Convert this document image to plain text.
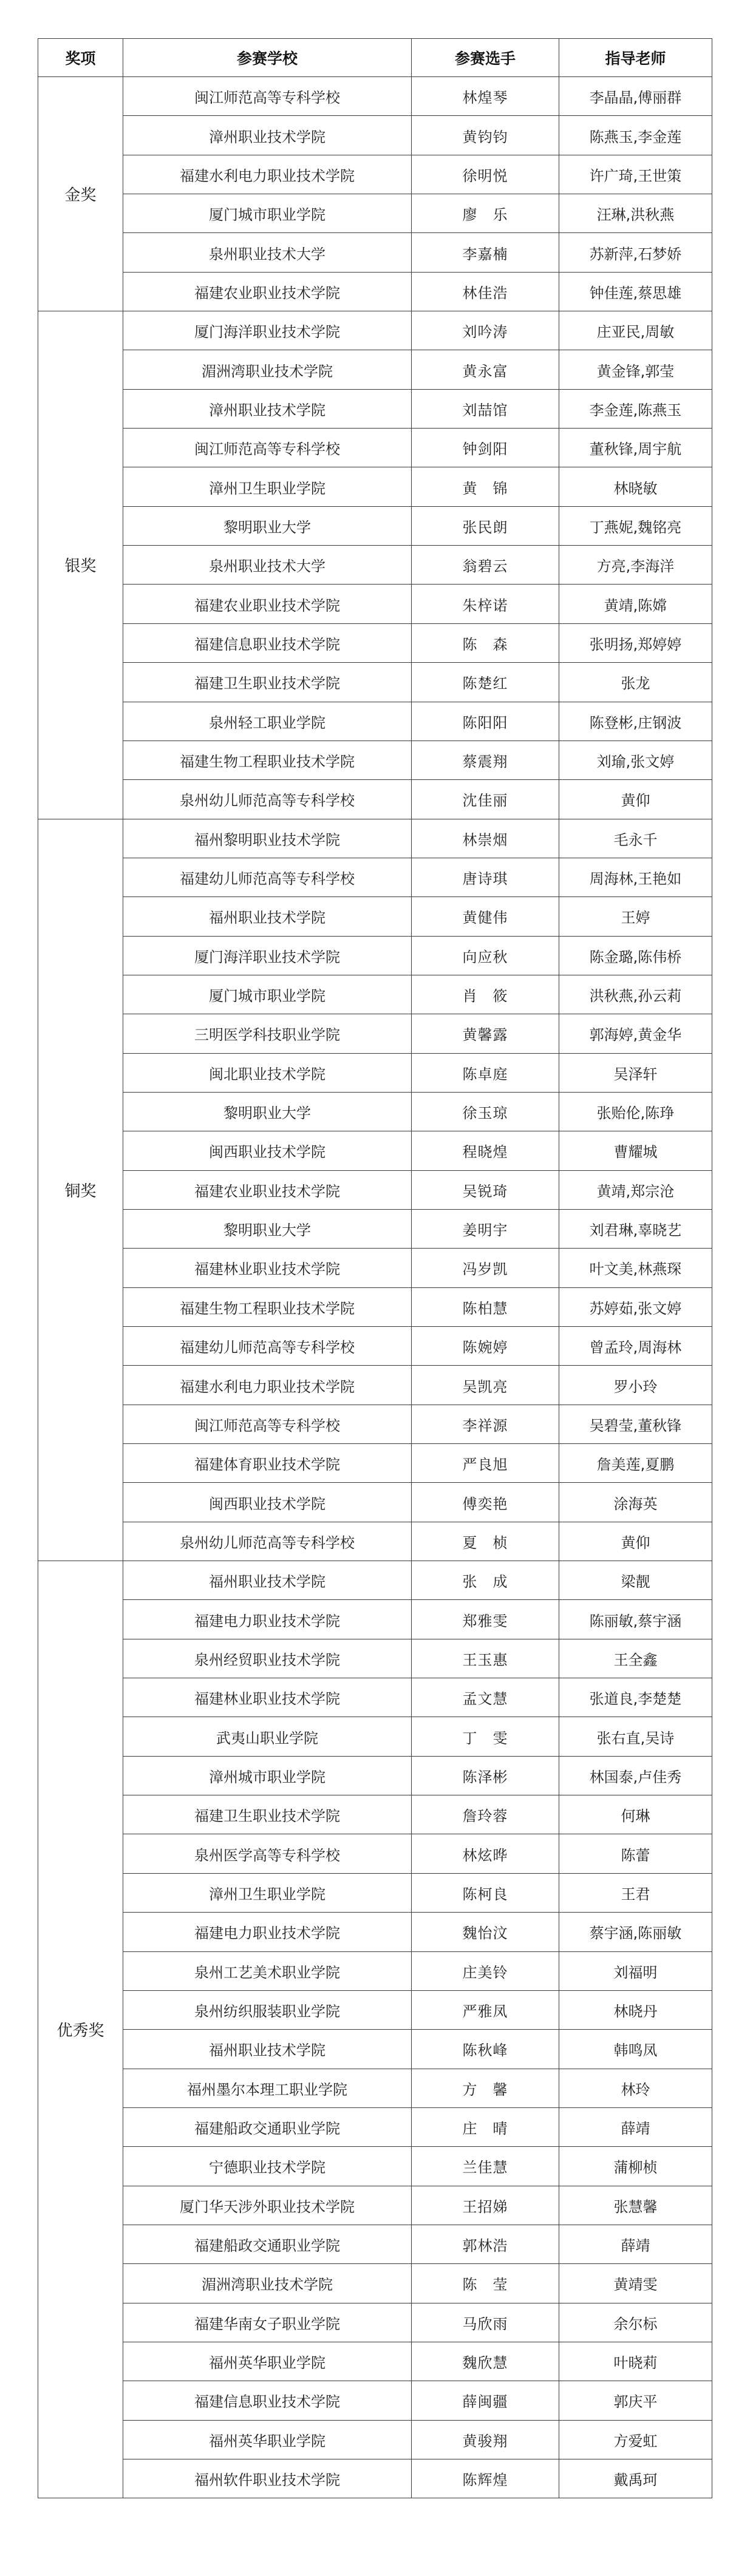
奖项	参赛学校	参赛选手	指导老师
金奖	闽江师范高等专科学校	林煌琴	李晶晶,傅丽群
	漳州职业技术学院	黄钧钧	陈燕玉,李金莲
	福建水利电力职业技术学院	徐明悦	许广琦,王世策
	厦门城市职业学院	廖　乐	汪琳,洪秋燕
	泉州职业技术大学	李嘉楠	苏新萍,石梦娇
	福建农业职业技术学院	林佳浩	钟佳莲,蔡思雄
银奖	厦门海洋职业技术学院	刘吟涛	庄亚民,周敏
	湄洲湾职业技术学院	黄永富	黄金锋,郭莹
	漳州职业技术学院	刘喆馆	李金莲,陈燕玉
	闽江师范高等专科学校	钟剑阳	董秋锋,周宇航
	漳州卫生职业学院	黄　锦	林晓敏
	黎明职业大学	张民朗	丁燕妮,魏铭亮
	泉州职业技术大学	翁碧云	方亮,李海洋
	福建农业职业技术学院	朱梓诺	黄靖,陈嫦
	福建信息职业技术学院	陈　森	张明扬,郑婷婷
	福建卫生职业技术学院	陈楚红	张龙
	泉州轻工职业学院	陈阳阳	陈登彬,庄钢波
	福建生物工程职业技术学院	蔡震翔	刘瑜,张文婷
	泉州幼儿师范高等专科学校	沈佳丽	黄仰
铜奖	福州黎明职业技术学院	林崇烟	毛永千
	福建幼儿师范高等专科学校	唐诗琪	周海林,王艳如
	福州职业技术学院	黄健伟	王婷
	厦门海洋职业技术学院	向应秋	陈金璐,陈伟桥
	厦门城市职业学院	肖　筱	洪秋燕,孙云莉
	三明医学科技职业学院	黄馨露	郭海婷,黄金华
	闽北职业技术学院	陈卓庭	吴泽轩
	黎明职业大学	徐玉琼	张贻伦,陈琤
	闽西职业技术学院	程晓煌	曹耀城
	福建农业职业技术学院	吴锐琦	黄靖,郑宗沧
	黎明职业大学	姜明宇	刘君琳,辜晓艺
	福建林业职业技术学院	冯岁凯	叶文美,林燕琛
	福建生物工程职业技术学院	陈柏慧	苏婷茹,张文婷
	福建幼儿师范高等专科学校	陈婉婷	曾孟玲,周海林
	福建水利电力职业技术学院	吴凯亮	罗小玲
	闽江师范高等专科学校	李祥源	吴碧莹,董秋锋
	福建体育职业技术学院	严良旭	詹美莲,夏鹏
	闽西职业技术学院	傅奕艳	涂海英
	泉州幼儿师范高等专科学校	夏　桢	黄仰
优秀奖	福州职业技术学院	张　成	梁靓
	福建电力职业技术学院	郑雅雯	陈丽敏,蔡宇涵
	泉州经贸职业技术学院	王玉惠	王全鑫
	福建林业职业技术学院	孟文慧	张道良,李楚楚
	武夷山职业学院	丁　雯	张右直,吴诗
	漳州城市职业学院	陈泽彬	林国泰,卢佳秀
	福建卫生职业技术学院	詹玲蓉	何琳
	泉州医学高等专科学校	林炫晔	陈蕾
	漳州卫生职业学院	陈柯良	王君
	福建电力职业技术学院	魏怡汶	蔡宇涵,陈丽敏
	泉州工艺美术职业学院	庄美铃	刘福明
	泉州纺织服装职业学院	严雅凤	林晓丹
	福州职业技术学院	陈秋峰	韩鸣凤
	福州墨尔本理工职业学院	方　馨	林玲
	福建船政交通职业学院	庄　晴	薛靖
	宁德职业技术学院	兰佳慧	蒲柳桢
	厦门华天涉外职业技术学院	王招娣	张慧馨
	福建船政交通职业学院	郭林浩	薛靖
	湄洲湾职业技术学院	陈　莹	黄靖雯
	福建华南女子职业学院	马欣雨	余尔标
	福州英华职业学院	魏欣慧	叶晓莉
	福建信息职业技术学院	薛闽疆	郭庆平
	福州英华职业学院	黄骏翔	方爱虹
	福州软件职业技术学院	陈辉煌	戴禹珂
